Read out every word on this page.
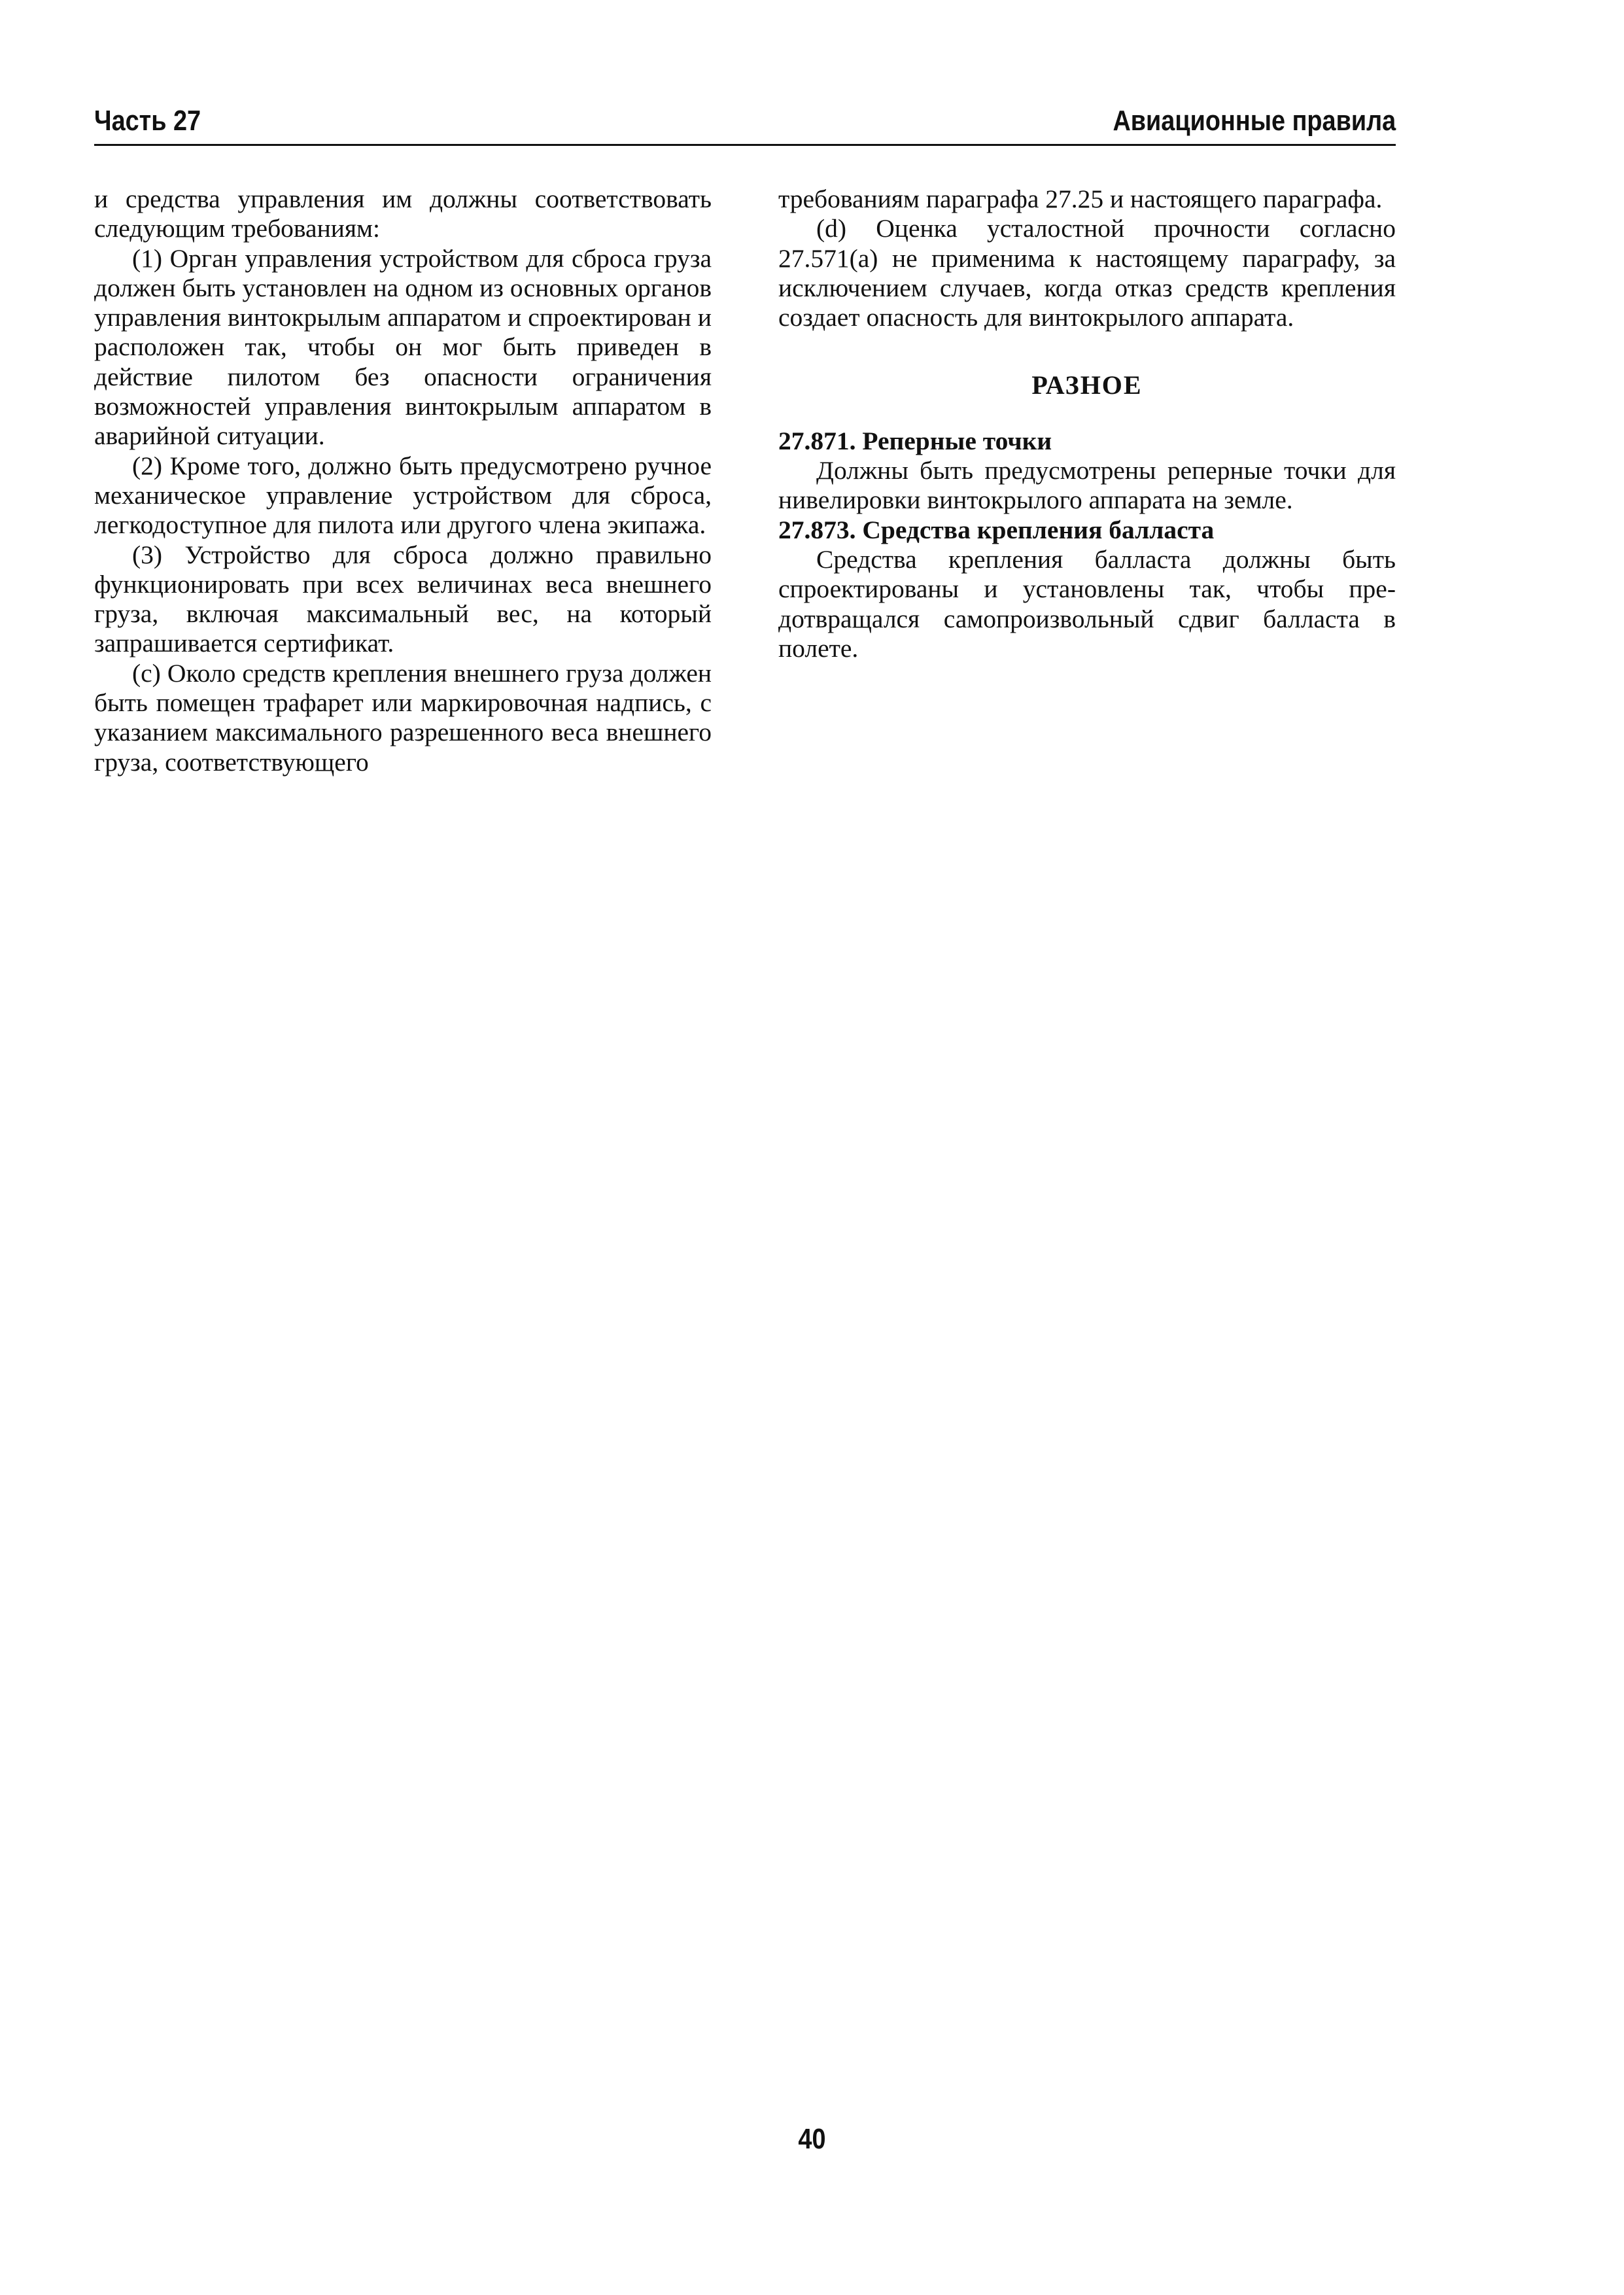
Часть 27	Авиационные правила

и средства управления им должны соответствовать следующим требованиям:

(1) Орган управления устройством для сброса груза должен быть установлен на одном из основных органов управления винтокрылым аппаратом и спроектирован и расположен так, чтобы он мог быть приведен в действие пилотом без опасности ограничения возможностей управления винтокрылым аппаратом в аварийной ситуации.

(2) Кроме того, должно быть предусмотрено ручное механическое управление устройством для сброса, легкодоступное для пилота или другого члена экипажа.

(3) Устройство для сброса должно правильно функционировать при всех величинах веса внешнего груза, включая максимальный вес, на который запрашивается сертификат.

(c) Около средств крепления внешнего груза должен быть помещен трафарет или маркировочная надпись, с указанием максимального разрешенного веса внешнего груза, соответствующего

требованиям параграфа 27.25 и настоящего параграфа.

(d) Оценка усталостной прочности согласно 27.571(a) не применима к настоящему параграфу, за исключением случаев, когда отказ средств крепления создает опасность для винтокрылого аппарата.

РАЗНОЕ

27.871. Реперные точки

Должны быть предусмотрены реперные точки для нивелировки винтокрылого аппарата на земле.

27.873. Средства крепления балласта

Средства крепления балласта должны быть спроектированы и установлены так, чтобы предотвращался самопроизвольный сдвиг балласта в полете.

40
